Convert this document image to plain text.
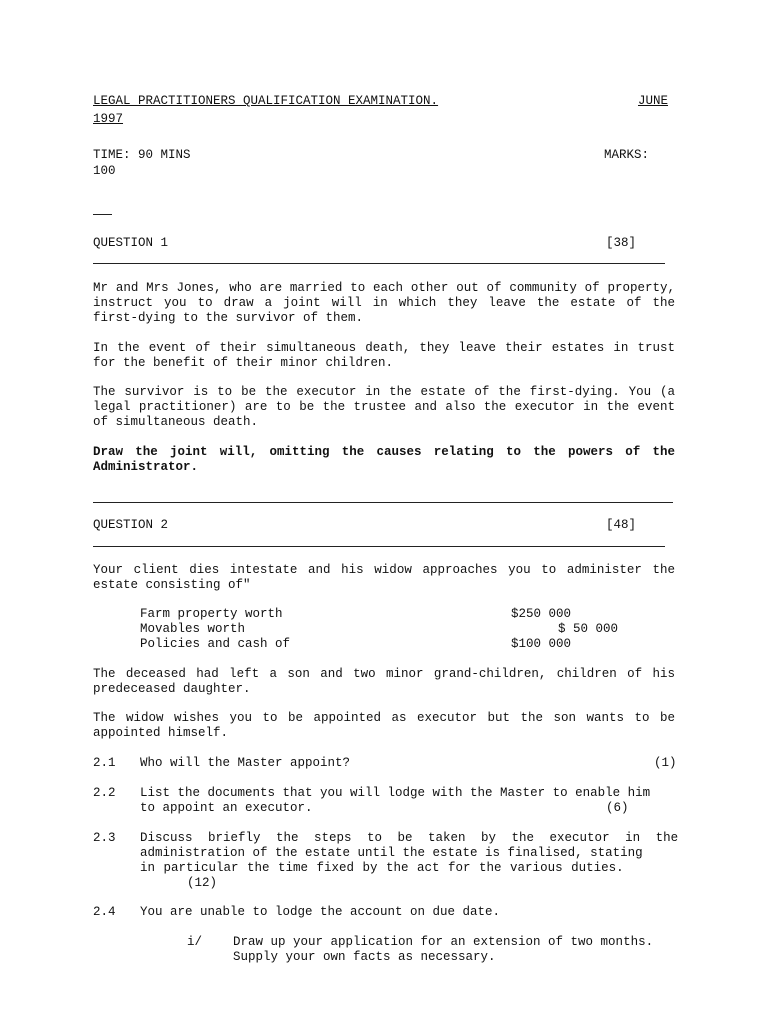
LEGAL PRACTITIONERS QUALIFICATION EXAMINATION.	JUNE
1997
TIME: 90 MINS	MARKS:
100
QUESTION 1	[38]
Mr and Mrs Jones, who are married to each other out of community of property, instruct you to draw a joint will in which they leave the estate of the first-dying to the survivor of them.
In the event of their simultaneous death, they leave their estates in trust for the benefit of their minor children.
The survivor is to be the executor in the estate of the first-dying. You (a legal practitioner) are to be the trustee and also the executor in the event of simultaneous death.
Draw the joint will, omitting the causes relating to the powers of the Administrator.
QUESTION 2	[48]
Your client dies intestate and his widow approaches you to administer the estate consisting of"
Farm property worth	$250 000
Movables worth	$ 50 000
Policies and cash of	$100 000
The deceased had left a son and two minor grand-children, children of his predeceased daughter.
The widow wishes you to be appointed as executor but the son wants to be appointed himself.
2.1 Who will the Master appoint?	(1)
2.2 List the documents that you will lodge with the Master to enable him
to appoint an executor.	(6)
2.3 Discuss briefly the steps to be taken by the executor in the
administration of the estate until the estate is finalised, stating
in particular the time fixed by the act for the various duties.
(12)
2.4 You are unable to lodge the account on due date.
i/ Draw up your application for an extension of two months.
Supply your own facts as necessary.
